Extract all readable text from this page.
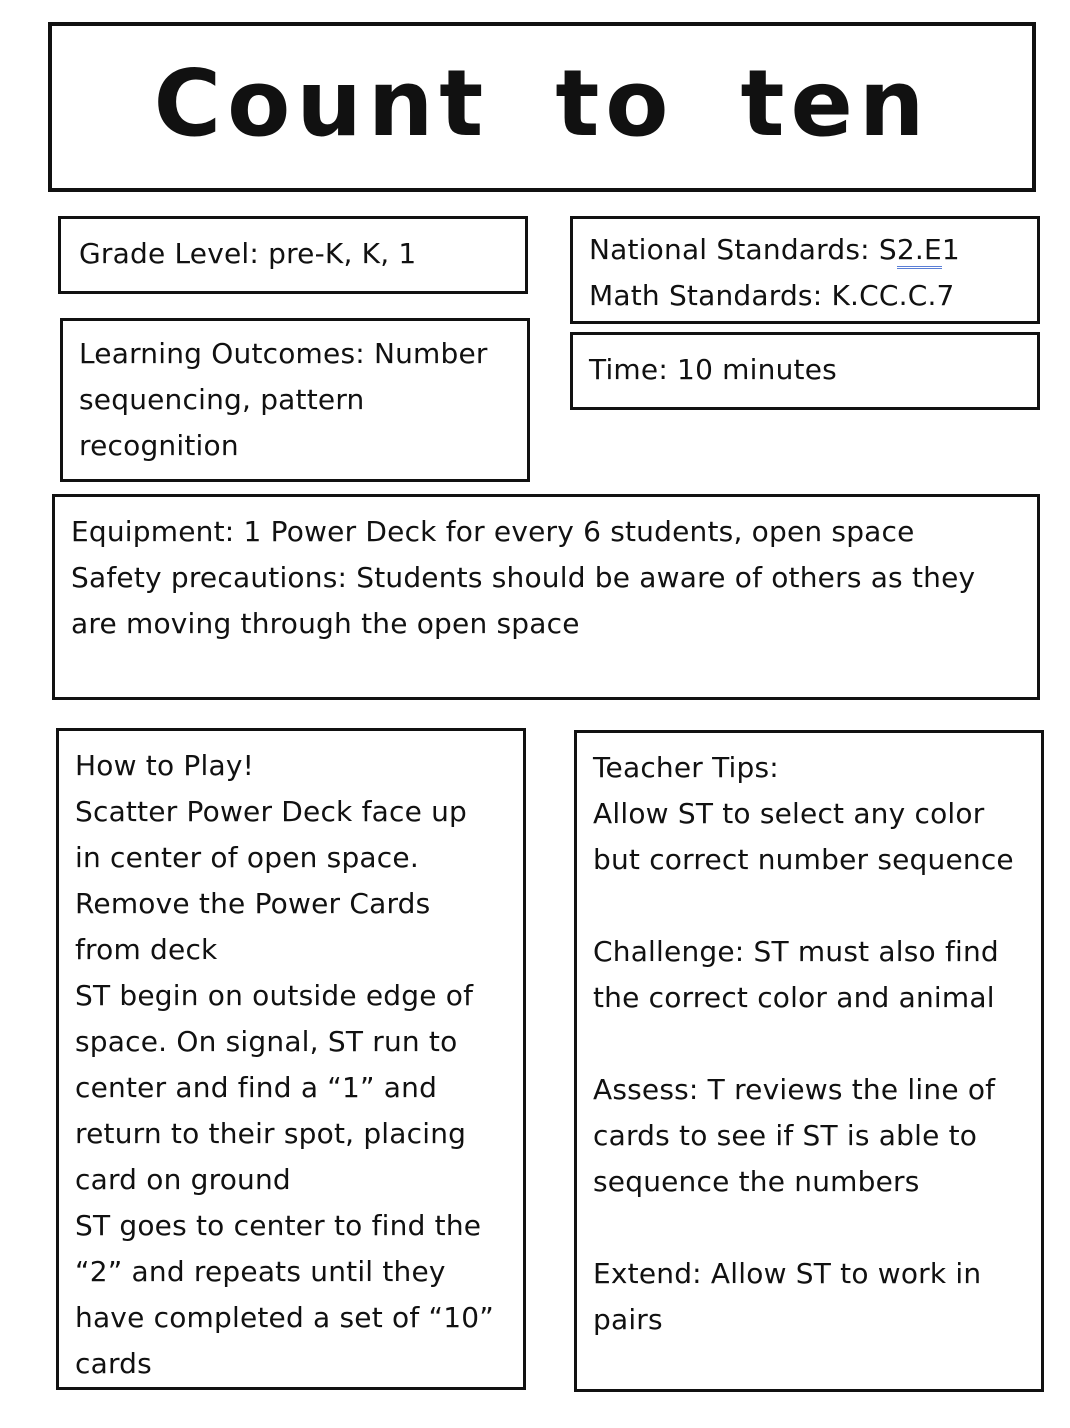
Count to ten
Grade Level: pre-K, K, 1	National Standards: S2.E1
Math Standards: K.CC.C.7
Learning Outcomes: Number
sequencing, pattern
recognition
Time: 10 minutes
Equipment: 1 Power Deck for every 6 students, open space
Safety precautions: Students should be aware of others as they
are moving through the open space
How to Play!
Scatter Power Deck face up
in center of open space.
Remove the Power Cards
from deck
ST begin on outside edge of
space. On signal, ST run to
center and find a “1” and
return to their spot, placing
card on ground
ST goes to center to find the
“2” and repeats until they
have completed a set of “10”
cards
Teacher Tips:
Allow ST to select any color
but correct number sequence
Challenge: ST must also find
the correct color and animal
Assess: T reviews the line of
cards to see if ST is able to
sequence the numbers
Extend: Allow ST to work in
pairs
